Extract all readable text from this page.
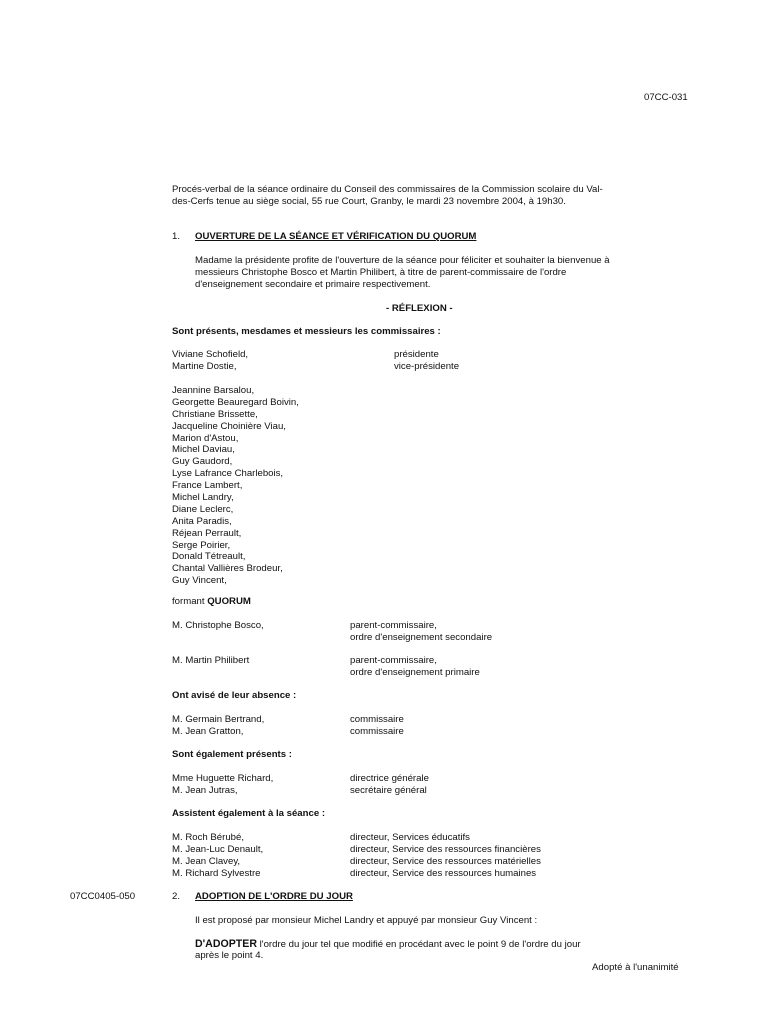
07CC-031
Procés-verbal de la séance ordinaire du Conseil des commissaires de la Commission scolaire du Val-
des-Cerfs tenue au siège social, 55 rue Court, Granby, le mardi 23 novembre 2004, à 19h30.
1. OUVERTURE DE LA SÉANCE ET VÉRIFICATION DU QUORUM
Madame la présidente profite de l'ouverture de la séance pour féliciter et souhaiter la bienvenue à
messieurs Christophe Bosco et Martin Philibert, à titre de parent-commissaire de l'ordre
d'enseignement secondaire et primaire respectivement.
- RÉFLEXION -
Sont présents, mesdames et messieurs les commissaires :
Viviane Schofield,	présidente
Martine Dostie,	vice-présidente
Jeannine Barsalou,
Georgette Beauregard Boivin,
Christiane Brissette,
Jacqueline Choinière Viau,
Marion d'Astou,
Michel Daviau,
Guy Gaudord,
Lyse Lafrance Charlebois,
France Lambert,
Michel Landry,
Diane Leclerc,
Anita Paradis,
Réjean Perrault,
Serge Poirier,
Donald Tétreault,
Chantal Vallières Brodeur,
Guy Vincent,
formant QUORUM
M. Christophe Bosco,	parent-commissaire,
ordre d'enseignement secondaire
M. Martin Philibert	parent-commissaire,
ordre d'enseignement primaire
Ont avisé de leur absence :
M. Germain Bertrand,	commissaire
M. Jean Gratton,	commissaire
Sont également présents :
Mme Huguette Richard,	directrice générale
M. Jean Jutras,	secrétaire général
Assistent également à la séance :
M. Roch Bérubé,	directeur, Services éducatifs
M. Jean-Luc Denault,	directeur, Service des ressources financières
M. Jean Clavey,	directeur, Service des ressources matérielles
M. Richard Sylvestre	directeur, Service des ressources humaines
07CC0405-050	2. ADOPTION DE L'ORDRE DU JOUR
Il est proposé par monsieur Michel Landry et appuyé par monsieur Guy Vincent :
D'ADOPTER l'ordre du jour tel que modifié en procédant avec le point 9 de l'ordre du jour
après le point 4.
Adopté à l'unanimité
